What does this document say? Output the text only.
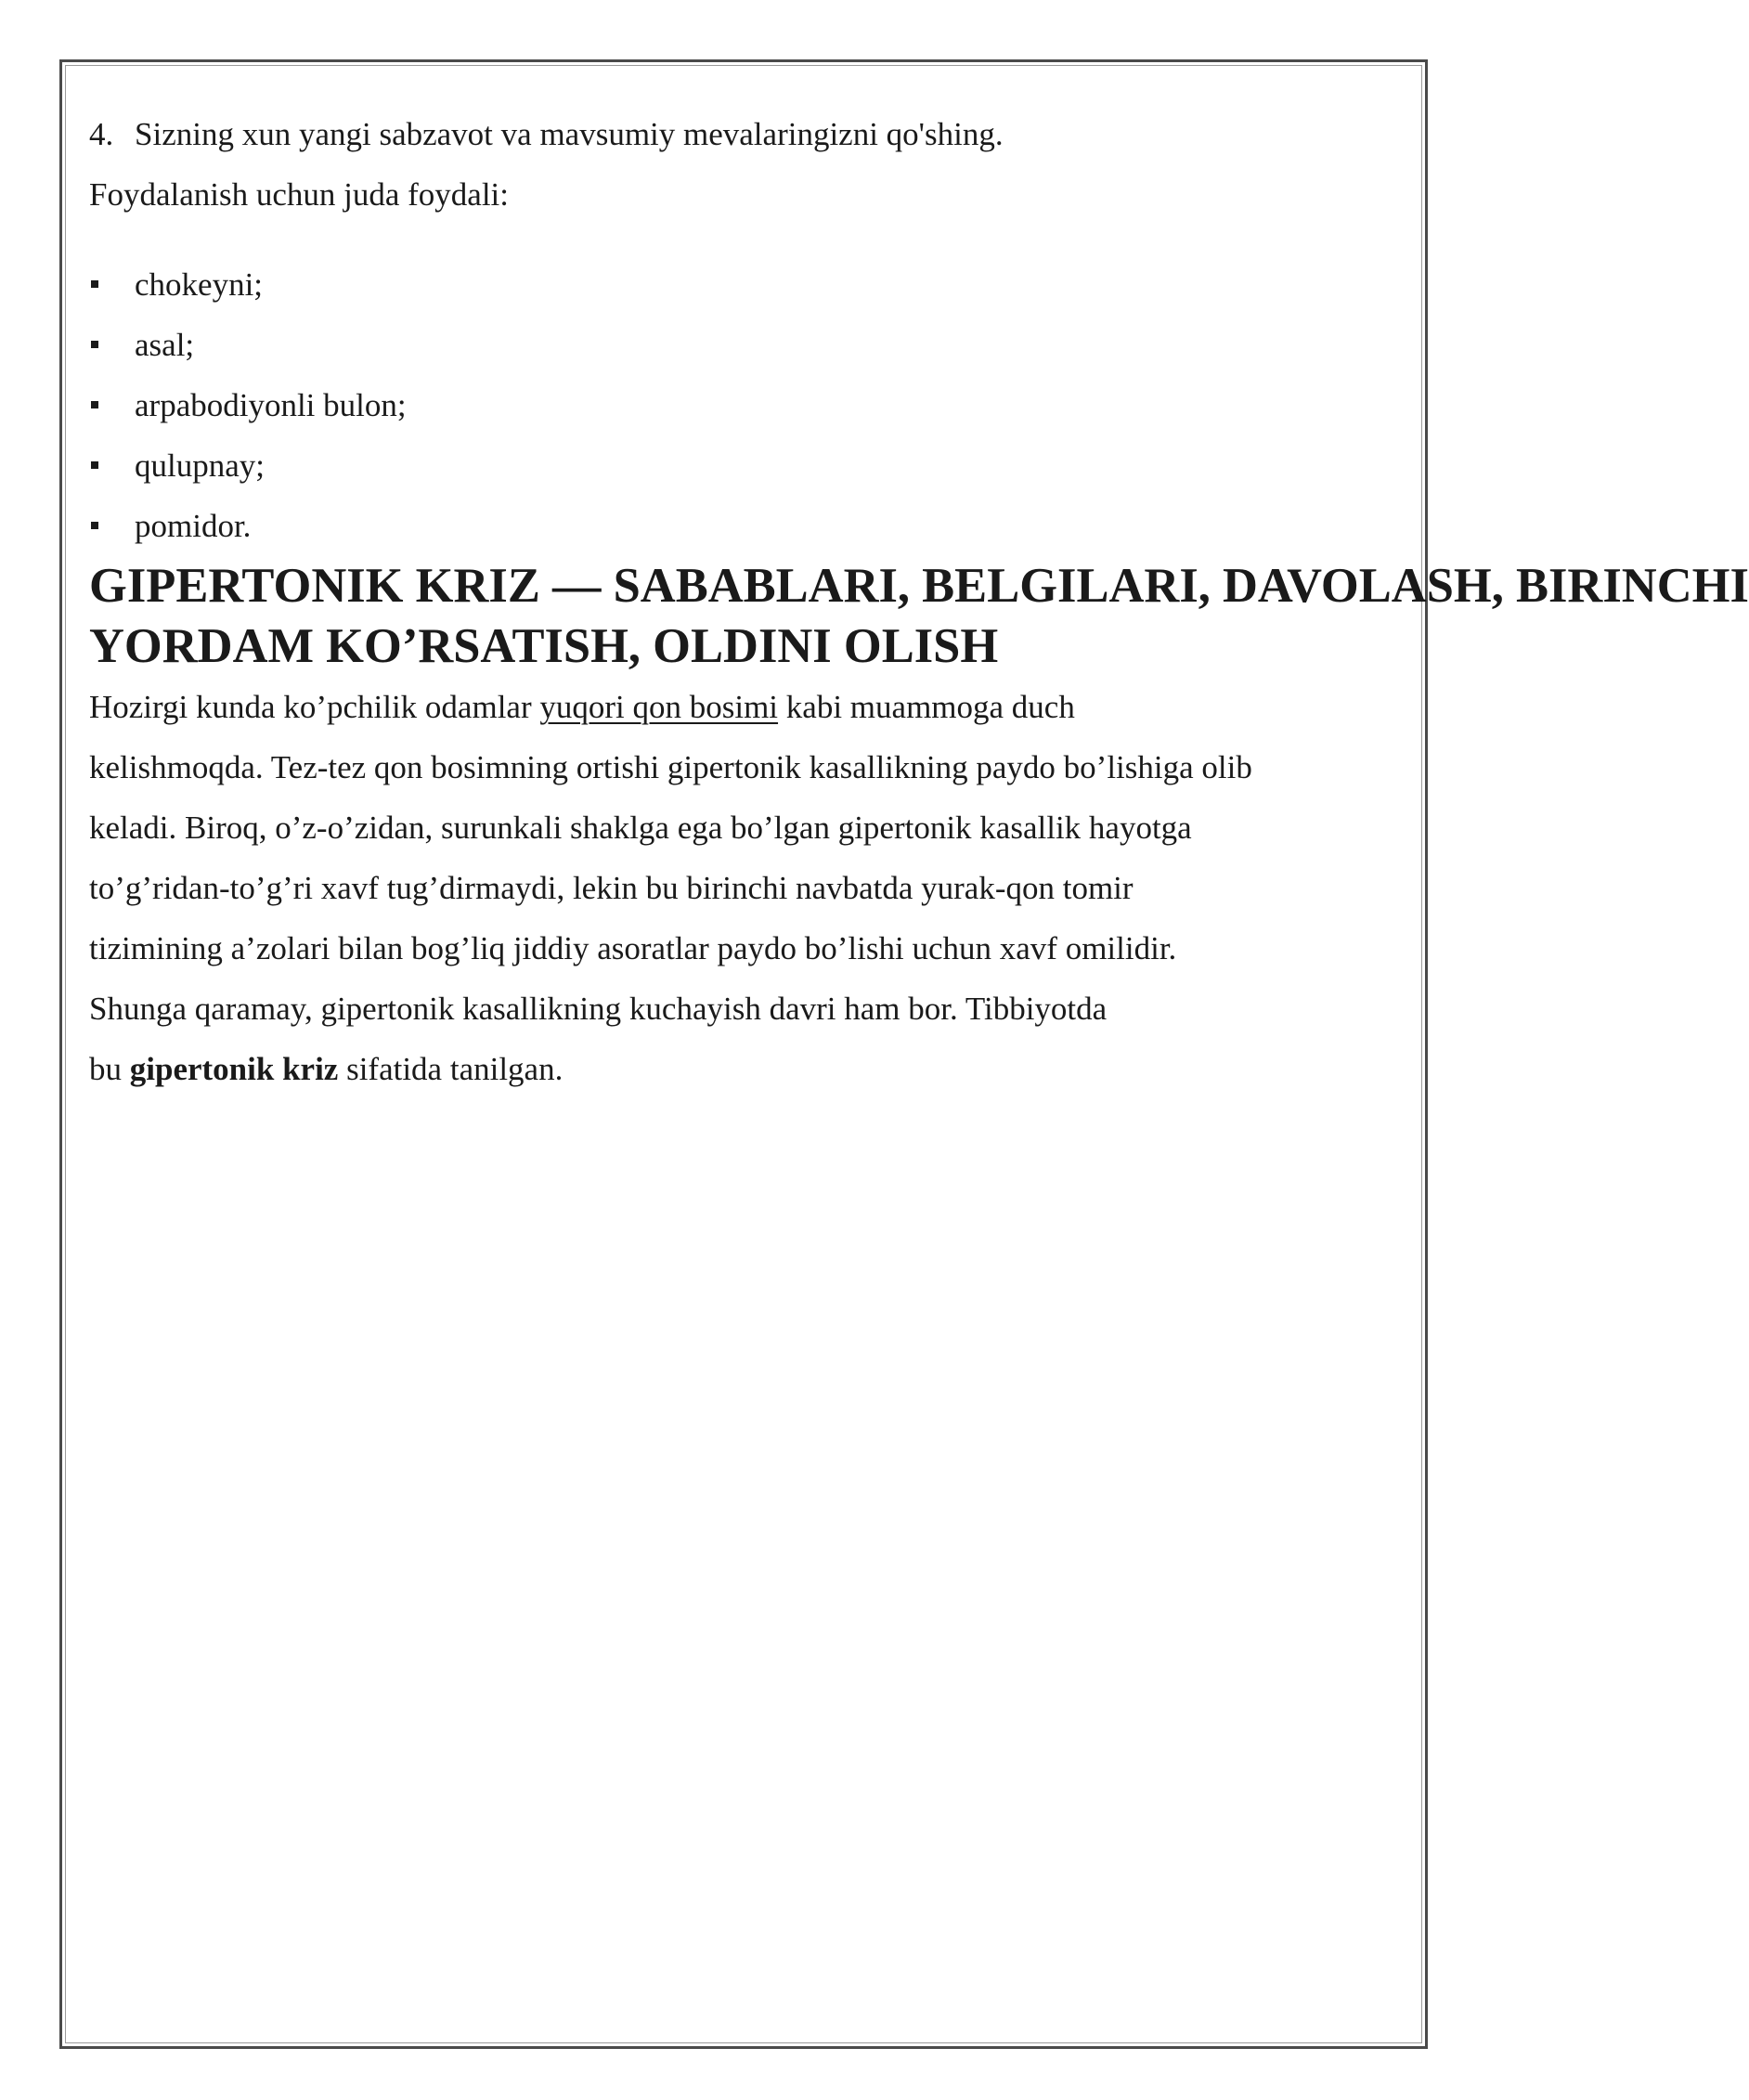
4. Sizning xun yangi sabzavot va mavsumiy mevalaringizni qo'shing.

Foydalanish uchun juda foydali:

chokeyni;
asal;
arpabodiyonli bulon;
qulupnay;
pomidor.
GIPERTONIK KRIZ — SABABLARI, BELGILARI, DAVOLASH, BIRINCHI
YORDAM KO’RSATISH, OLDINI OLISH

Hozirgi kunda ko’pchilik odamlar yuqori qon bosimi kabi muammoga duch

kelishmoqda. Tez-tez qon bosimning ortishi gipertonik kasallikning paydo bo’lishiga olib

keladi. Biroq, o’z-o’zidan, surunkali shaklga ega bo’lgan gipertonik kasallik hayotga

to’g’ridan-to’g’ri xavf tug’dirmaydi, lekin bu birinchi navbatda yurak-qon tomir

tizimining a’zolari bilan bog’liq jiddiy asoratlar paydo bo’lishi uchun xavf omilidir.

Shunga qaramay, gipertonik kasallikning kuchayish davri ham bor. Tibbiyotda

bu gipertonik kriz sifatida tanilgan.
